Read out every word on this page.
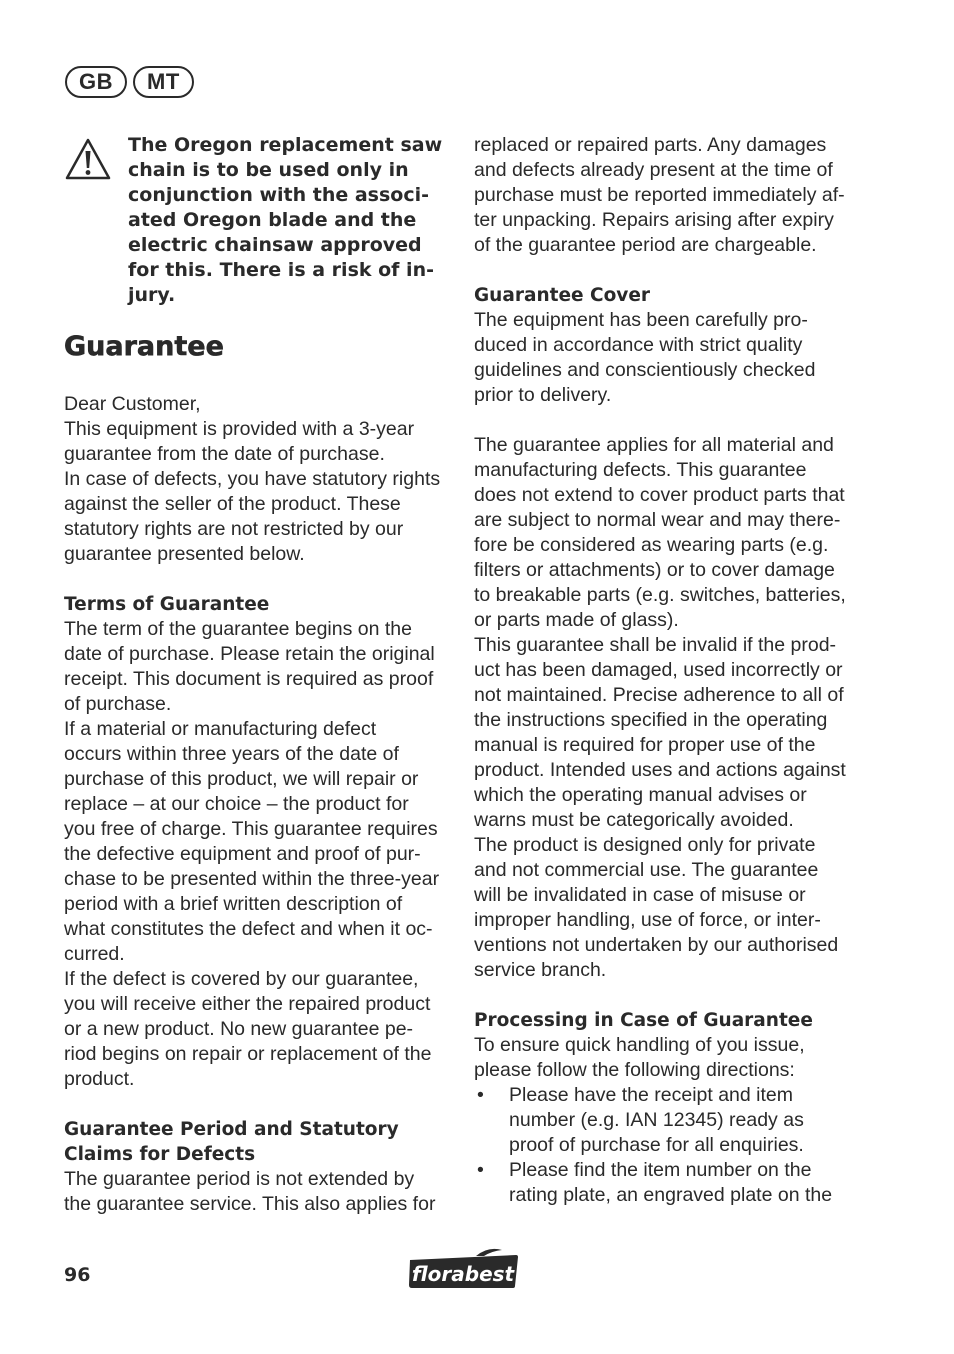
GB	MT
The Oregon replacement saw
chain is to be used only in
conjunction with the associ-
ated Oregon blade and the
electric chainsaw approved
for this. There is a risk of in-
jury.
Guarantee

Dear Customer,
This equipment is provided with a 3-year
guarantee from the date of purchase.
In case of defects, you have statutory rights
against the seller of the product. These
statutory rights are not restricted by our
guarantee presented below.

Terms of Guarantee

The term of the guarantee begins on the
date of purchase. Please retain the original
receipt. This document is required as proof
of purchase.
If a material or manufacturing defect
occurs within three years of the date of
purchase of this product, we will repair or
replace – at our choice – the product for
you free of charge. This guarantee requires
the defective equipment and proof of pur-
chase to be presented within the three-year
period with a brief written description of
what constitutes the defect and when it oc-
curred.
If the defect is covered by our guarantee,
you will receive either the repaired product
or a new product. No new guarantee pe-
riod begins on repair or replacement of the
product.

Guarantee Period and Statutory
Claims for Defects

The guarantee period is not extended by
the guarantee service. This also applies for

replaced or repaired parts. Any damages
and defects already present at the time of
purchase must be reported immediately af-
ter unpacking. Repairs arising after expiry
of the guarantee period are chargeable.

Guarantee Cover

The equipment has been carefully pro-
duced in accordance with strict quality
guidelines and conscientiously checked
prior to delivery.

The guarantee applies for all material and
manufacturing defects. This guarantee
does not extend to cover product parts that
are subject to normal wear and may there-
fore be considered as wearing parts (e.g.
filters or attachments) or to cover damage
to breakable parts (e.g. switches, batteries,
or parts made of glass).
This guarantee shall be invalid if the prod-
uct has been damaged, used incorrectly or
not maintained. Precise adherence to all of
the instructions specified in the operating
manual is required for proper use of the
product. Intended uses and actions against
which the operating manual advises or
warns must be categorically avoided.
The product is designed only for private
and not commercial use. The guarantee
will be invalidated in case of misuse or
improper handling, use of force, or inter-
ventions not undertaken by our authorised
service branch.

Processing in Case of Guarantee

To ensure quick handling of you issue,
please follow the following directions:

• Please have the receipt and item
number (e.g. IAN 12345) ready as
proof of purchase for all enquiries.
• Please find the item number on the
rating plate, an engraved plate on the
96	florabest
